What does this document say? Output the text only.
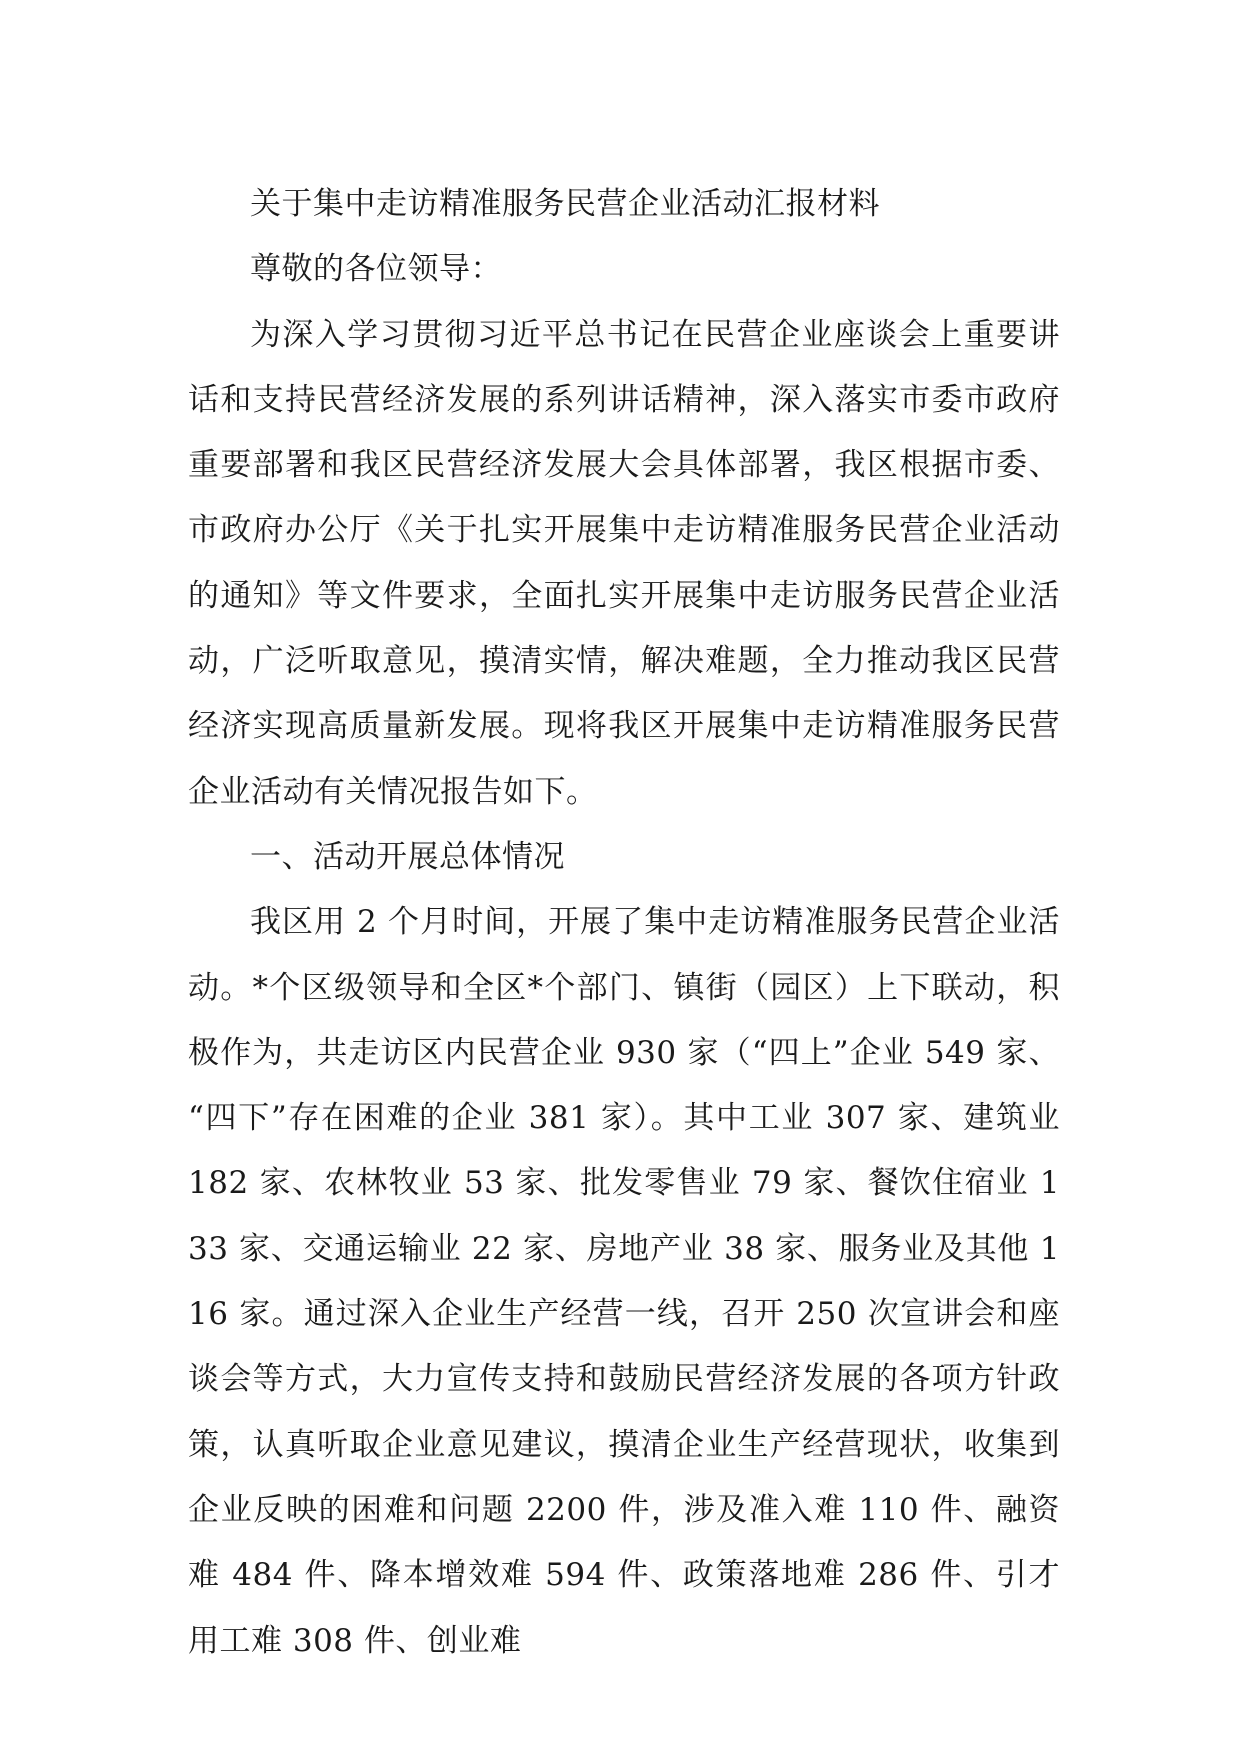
关于集中走访精准服务民营企业活动汇报材料

尊敬的各位领导：

为深入学习贯彻习近平总书记在民营企业座谈会上重要讲话和支持民营经济发展的系列讲话精神，深入落实市委市政府重要部署和我区民营经济发展大会具体部署，我区根据市委、市政府办公厅《关于扎实开展集中走访精准服务民营企业活动的通知》等文件要求，全面扎实开展集中走访服务民营企业活动，广泛听取意见，摸清实情，解决难题，全力推动我区民营经济实现高质量新发展。现将我区开展集中走访精准服务民营企业活动有关情况报告如下。

一、活动开展总体情况

我区用 2 个月时间，开展了集中走访精准服务民营企业活动。*个区级领导和全区*个部门、镇街（园区）上下联动，积极作为，共走访区内民营企业 930 家（“四上”企业 549 家、“四下”存在困难的企业 381 家）。其中工业 307 家、建筑业 182 家、农林牧业 53 家、批发零售业 79 家、餐饮住宿业 133 家、交通运输业 22 家、房地产业 38 家、服务业及其他 116 家。通过深入企业生产经营一线，召开 250 次宣讲会和座谈会等方式，大力宣传支持和鼓励民营经济发展的各项方针政策，认真听取企业意见建议，摸清企业生产经营现状，收集到企业反映的困难和问题 2200 件，涉及准入难 110 件、融资难 484 件、降本增效难 594 件、政策落地难 286 件、引才用工难 308 件、创业难
